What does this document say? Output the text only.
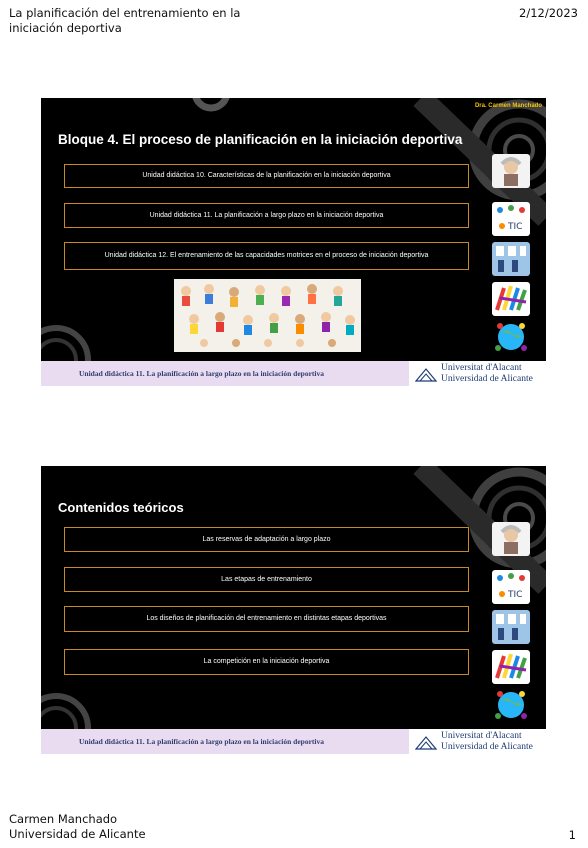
La planificación del entrenamiento en la iniciación deportiva
2/12/2023
Dra. Carmen Manchado
Bloque 4. El proceso de planificación en la iniciación deportiva
Unidad didáctica 10. Características de la planificación en la iniciación deportiva
Unidad didáctica 11. La planificación a largo plazo en la iniciación deportiva
Unidad didáctica 12. El entrenamiento de las capacidades motrices en el proceso de iniciación deportiva
TIC
Unidad didáctica 11. La planificación a largo plazo en la iniciación deportiva
Universitat d'Alacant
Universidad de Alicante
Contenidos teóricos
Las reservas de adaptación a largo plazo
Las etapas de entrenamiento
Los diseños de planificación del entrenamiento en distintas etapas deportivas
La competición en la iniciación deportiva
TIC
Unidad didáctica 11. La planificación a largo plazo en la iniciación deportiva
Universitat d'Alacant
Universidad de Alicante
Carmen Manchado
Universidad de Alicante	1
